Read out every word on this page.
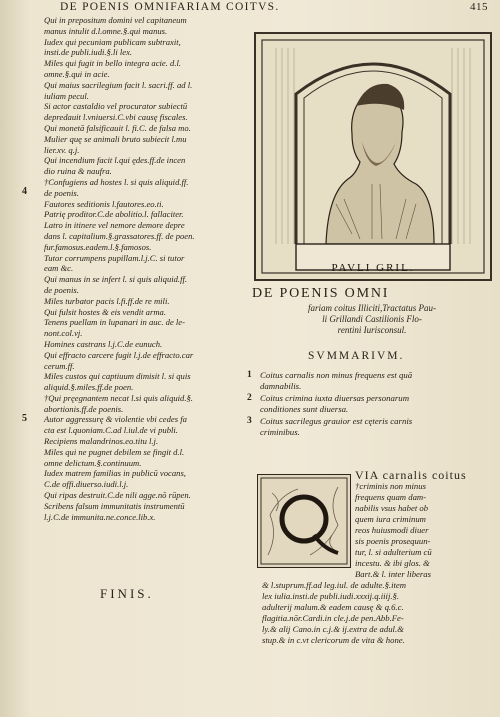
DE POENIS OMNIFARIAM COITVS.	415
Qui in prepositum domini vel capitaneum
manus intulit d.l.omne.§.qui manus.
Iudex qui pecuniam publicam subtraxit,
insti.de publi.iudi.§.li lex.
Miles qui fugit in bello integra acie. d.l.
omne.§.qui in acie.
Qui maius sacrilegium facit l. sacri.ff. ad l.
iuliam pecul.
Si actor castaldio vel procurator subiectū
depredauit l.vniuersi.C.vbi causę fiscales.
Qui monetā falsificauit l. fi.C. de falsa mo.
Mulier quę se animali bruto subiecit l.mu
lier.xv. q.j.
Qui incendium facit l.qui ędes.ff.de incen
dio ruina & naufra.
†Confugiens ad hostes l. si quis aliquid.ff.
de poenis.
Fautores seditionis l.fautores.eo.ti.
Patrię proditor.C.de abolitio.l. fallaciter.
Latro in itinere vel nemore demore depre
dans l. capitalium.§.grassatores.ff. de poen.
fur.famosus.eadem.l.§.famosos.
Tutor corrumpens pupillam.l.j.C. si tutor
eam &c.
Qui manus in se infert l. si quis aliquid.ff.
de poenis.
Miles turbator pacis l.fi.ff.de re mili.
Qui fulsit hostes & eis vendit arma.
Tenens puellam in lupanari in auc. de le-
nont.col.vj.
Homines castrans l.j.C.de eunuch.
Qui effracto carcere fugit l.j.de effracto.car
cerum.ff.
Miles custos qui captiuum dimisit l. si quis
aliquid.§.miles.ff.de poen.
†Qui pręegnantem necat l.si quis aliquid.§.
abortionis.ff.de poenis.
Autor aggressurę & violentie vbi cedes fa
cta est l.quoniam.C.ad l.iul.de vi publi.
Recipiens malandrinos.eo.titu l.j.
Miles qui ne pugnet debilem se fingit d.l.
omne delictum.§.continuum.
Iudex matrem familias in publicū vocans,
C.de offi.diuerso.iudi.l.j.
Qui ripas destruit.C.de nili agge.nō rūpen.
Scribens falsum immunitatis instrumentū
l.j.C.de immunita.ne.conce.lib.x.
4
5
FINIS.
PAVLI GRIL.
DE POENIS OMNI
fariam coitus Illiciti,Tractatus Pau-
li Grillandi Castilionis Flo-
rentini Iurisconsul.
SVMMARIVM.
1 Coitus carnalis non minus frequens est quā
damnabilis.
2 Coitus crimina iuxta diuersas personarum
conditiones sunt diuersa.
3 Coitus sacrilegus grauior est cęteris carnis
criminibus.
VIA carnalis coitus
†criminis non minus
frequens quam dam-
nabilis vsus habet ob
quem iura criminum
reos huiusmodi diuer
sis poenis prosequun-
tur, l. si adulterium cū
incestu. & ibi glos. &
Bart.& l. inter liberas
& l.stuprum.ff.ad leg.iul. de adulte.§.item
lex iulia.insti.de publi.iudi.xxxij.q.iiij.§.
adulterij malum.& eadem causę & q.6.c.
flagitia.nōr.Cardi.in cle.j.de pen.Abb.Fe-
ly.& alij Cano.in c.j.& ij.extra de adul.&
stup.& in c.vt clericorum de vita & hone.
